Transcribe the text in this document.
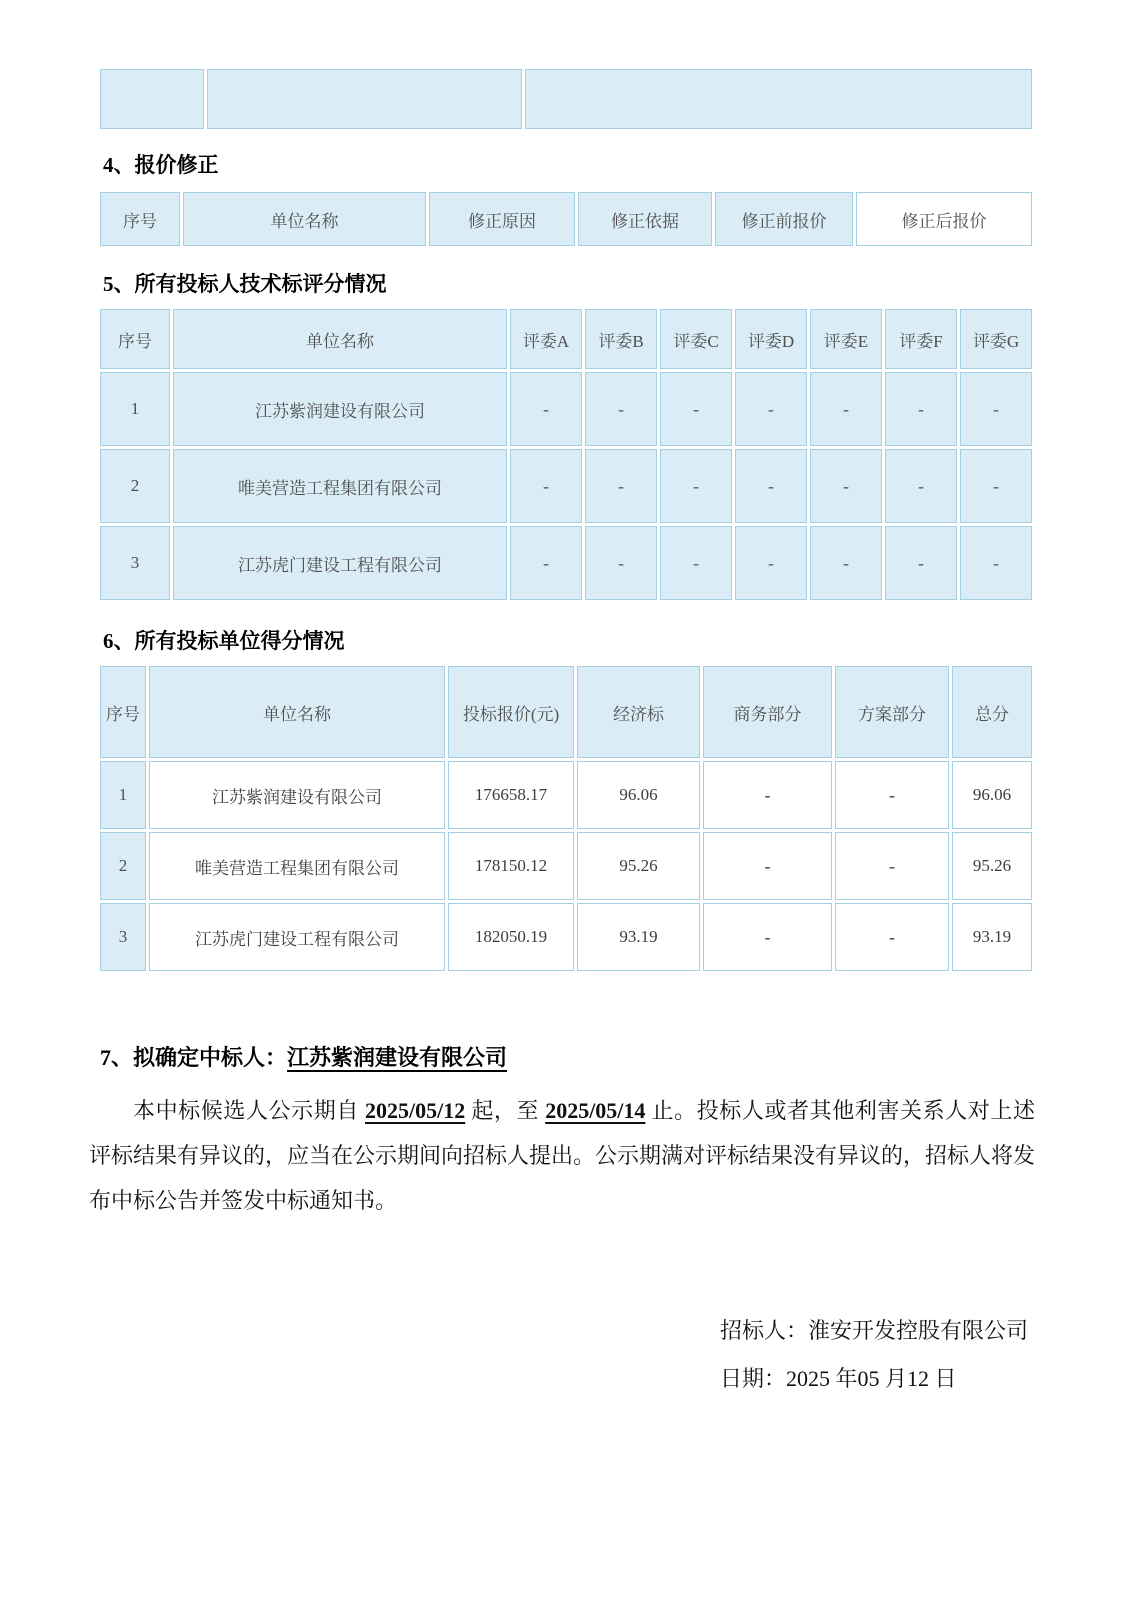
4、报价修正
序号	单位名称	修正原因	修正依据	修正前报价	修正后报价
5、所有投标人技术标评分情况
序号	单位名称	评委A	评委B	评委C	评委D	评委E	评委F	评委G
1	江苏紫润建设有限公司	-	-	-	-	-	-	-
2	唯美营造工程集团有限公司	-	-	-	-	-	-	-
3	江苏虎门建设工程有限公司	-	-	-	-	-	-	-
6、所有投标单位得分情况
序号	单位名称	投标报价(元)	经济标	商务部分	方案部分	总分
1	江苏紫润建设有限公司	176658.17	96.06	-	-	96.06
2	唯美营造工程集团有限公司	178150.12	95.26	-	-	95.26
3	江苏虎门建设工程有限公司	182050.19	93.19	-	-	93.19
7、拟确定中标人：江苏紫润建设有限公司

本中标候选人公示期自 2025/05/12 起，至 2025/05/14 止。投标人或者其他利害关系人对上述评标结果有异议的，应当在公示期间向招标人提出。公示期满对评标结果没有异议的，招标人将发布中标公告并签发中标通知书。

招标人：淮安开发控股有限公司
日期：2025 年05 月12 日
